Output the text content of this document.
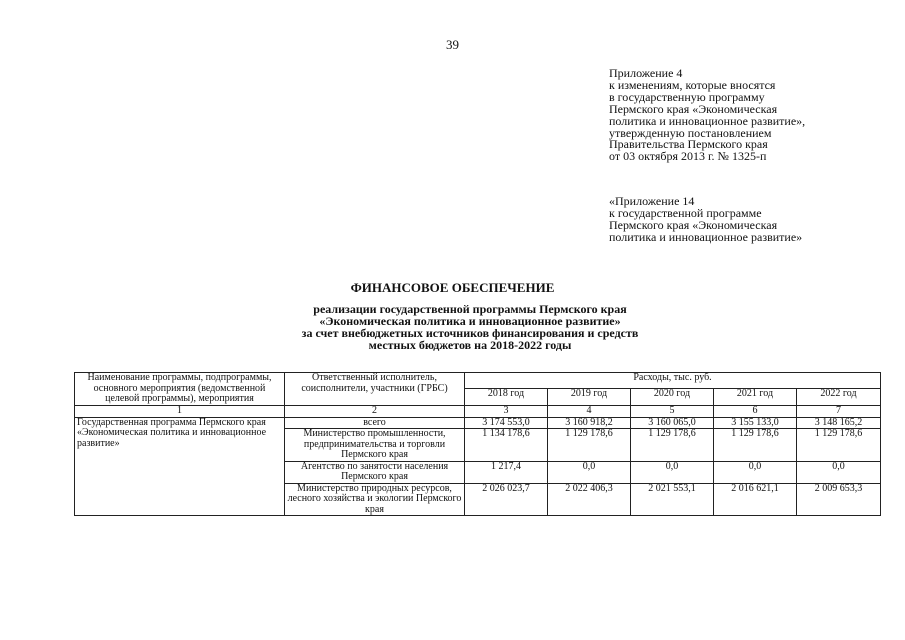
39
Приложение 4
к изменениям, которые вносятся
в государственную программу
Пермского края «Экономическая
политика и инновационное развитие»,
утвержденную постановлением
Правительства Пермского края
от 03 октября 2013 г. № 1325-п
«Приложение 14
к государственной программе
Пермского края «Экономическая
политика и инновационное развитие»
ФИНАНСОВОЕ ОБЕСПЕЧЕНИЕ
реализации государственной программы Пермского края
«Экономическая политика и инновационное развитие»
за счет внебюджетных источников финансирования и средств
местных бюджетов на 2018-2022 годы
Наименование программы, подпрограммы, основного мероприятия (ведомственной целевой программы), мероприятия	Ответственный исполнитель, соисполнители, участники (ГРБС)	Расходы, тыс. руб.				
		2018 год	2019 год	2020 год	2021 год	2022 год
1	2	3	4	5	6	7
Государственная программа Пермского края «Экономическая политика и инновационное развитие»	всего	3 174 553,0	3 160 918,2	3 160 065,0	3 155 133,0	3 148 165,2
	Министерство промышленности, предпринимательства и торговли Пермского края	1 134 178,6	1 129 178,6	1 129 178,6	1 129 178,6	1 129 178,6
	Агентство по занятости населения Пермского края	1 217,4	0,0	0,0	0,0	0,0
	Министерство природных ресурсов, лесного хозяйства и экологии Пермского края	2 026 023,7	2 022 406,3	2 021 553,1	2 016 621,1	2 009 653,3
